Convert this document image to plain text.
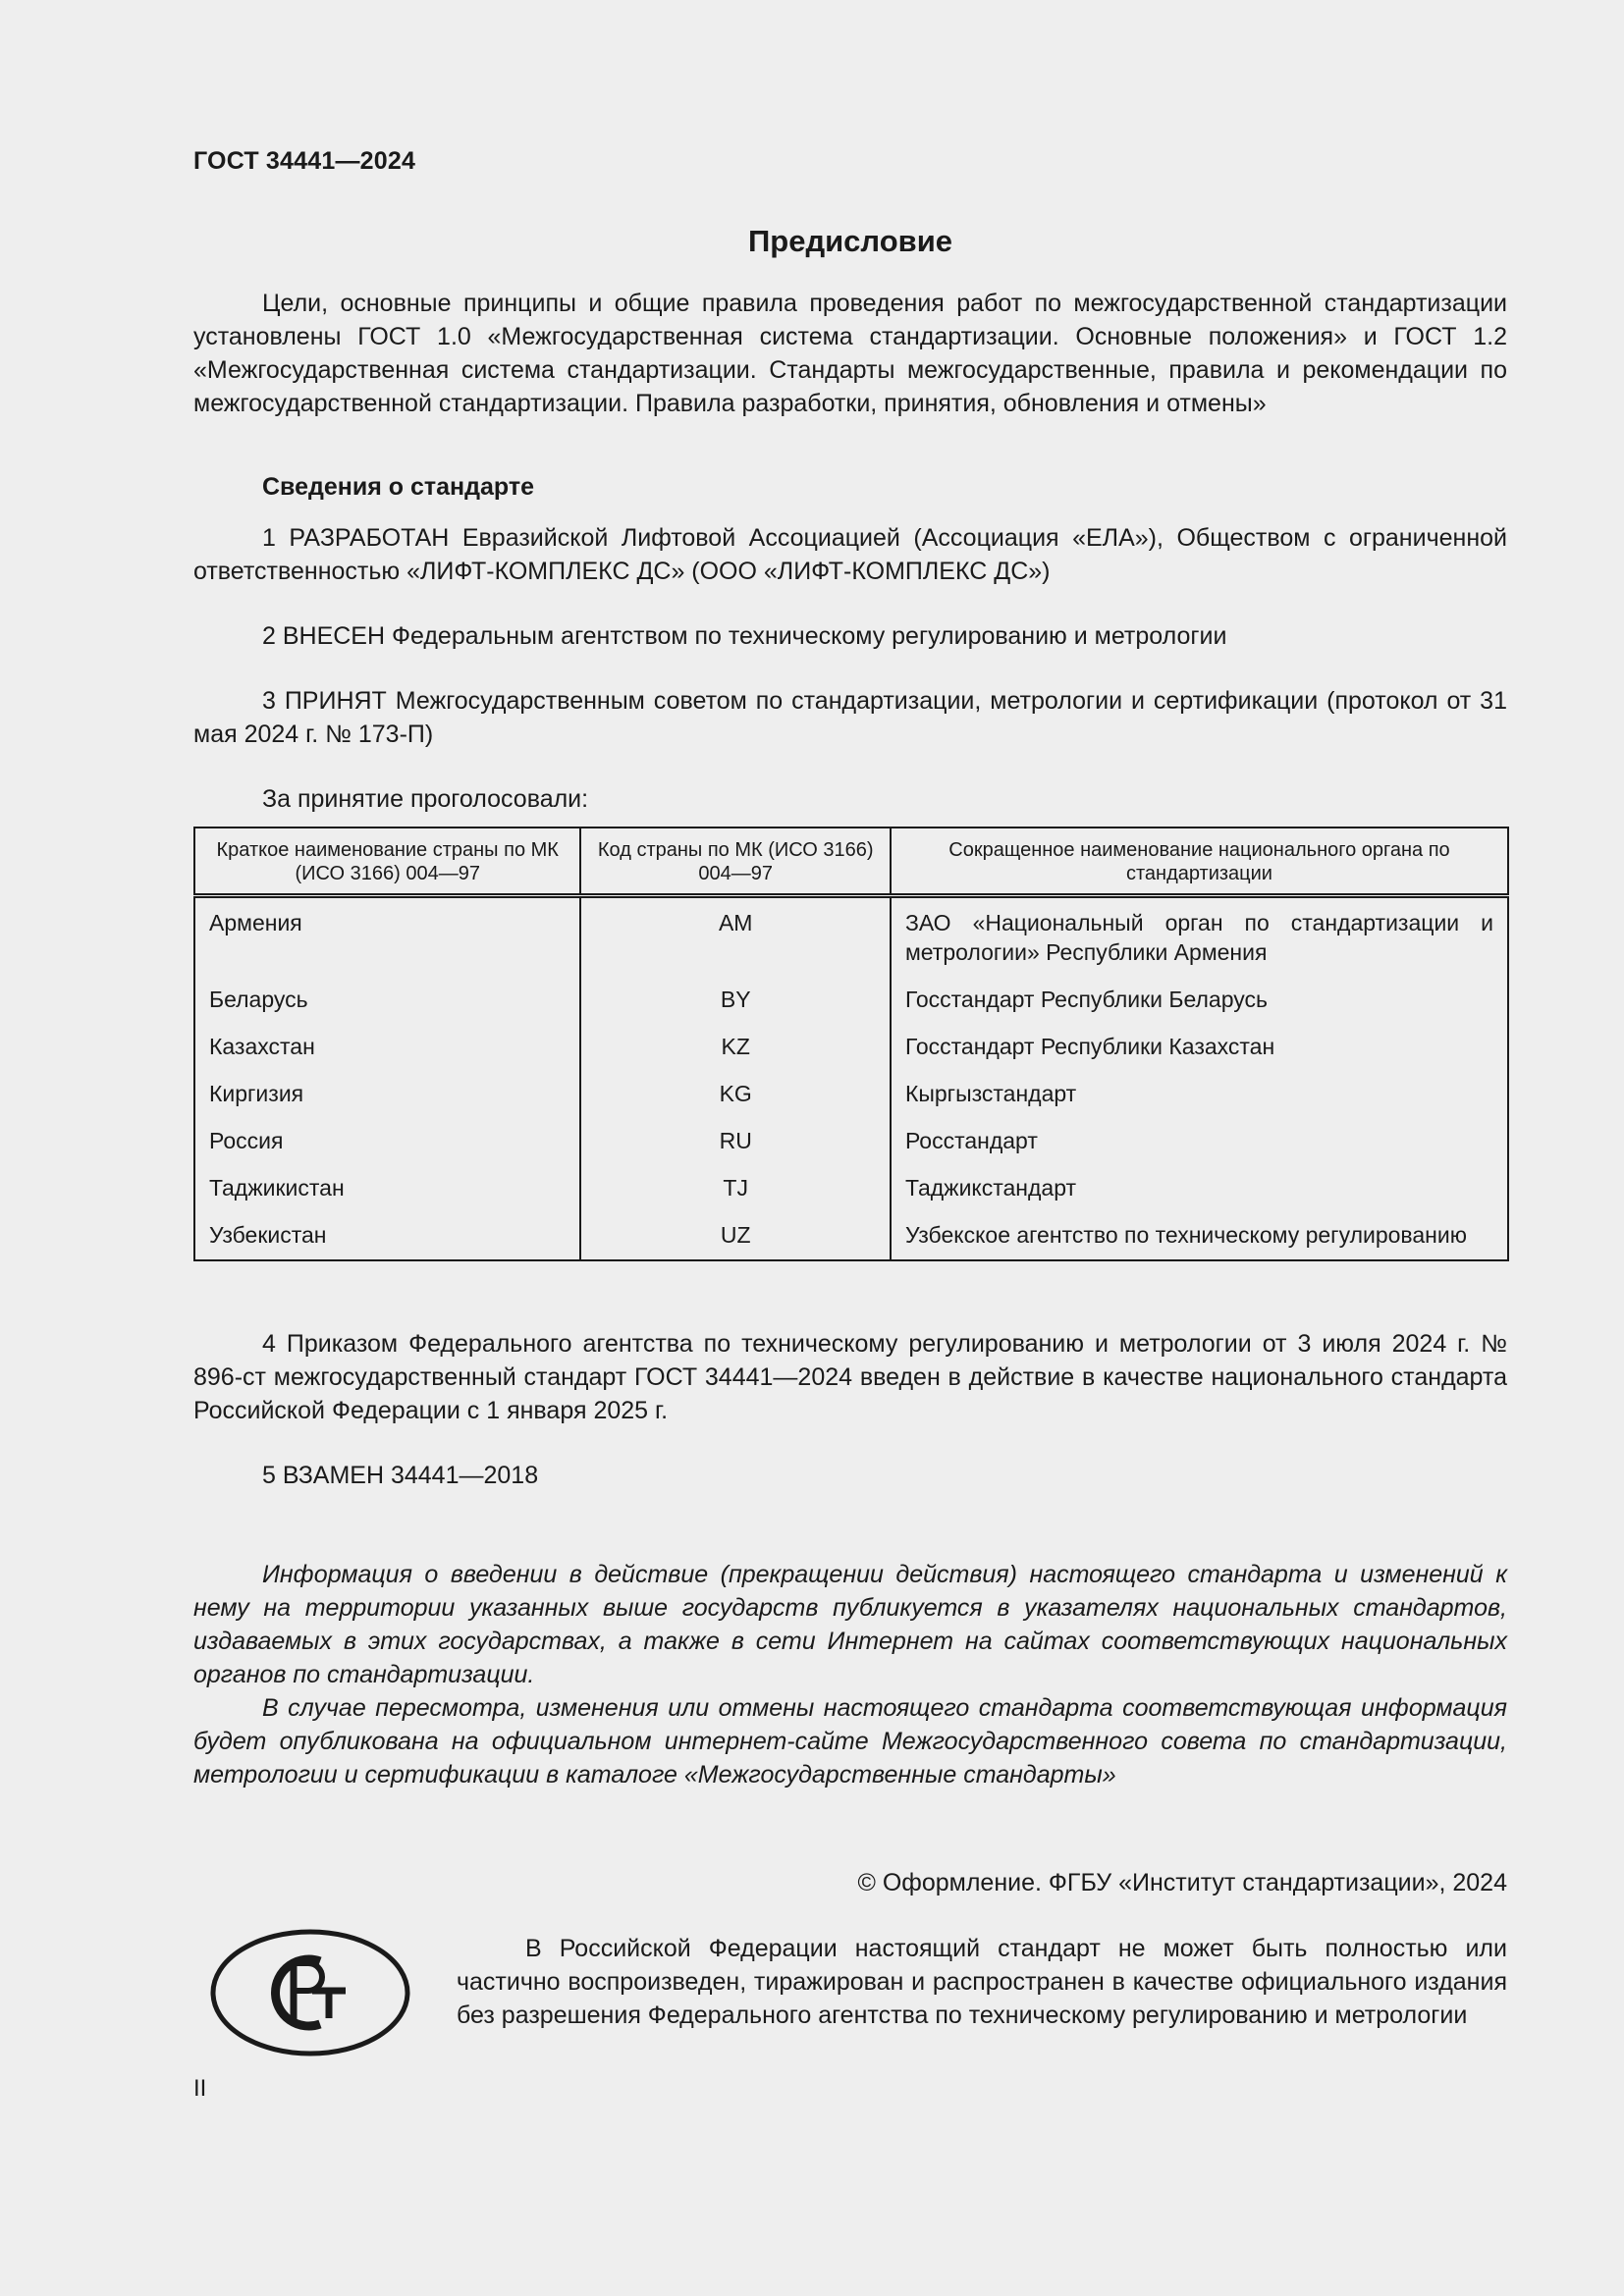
ГОСТ 34441—2024
Предисловие

Цели, основные принципы и общие правила проведения работ по межгосударственной стандартизации установлены ГОСТ 1.0 «Межгосударственная система стандартизации. Основные положения» и ГОСТ 1.2 «Межгосударственная система стандартизации. Стандарты межгосударственные, правила и рекомендации по межгосударственной стандартизации. Правила разработки, принятия, обновления и отмены»

Сведения о стандарте

1 РАЗРАБОТАН Евразийской Лифтовой Ассоциацией (Ассоциация «ЕЛА»), Обществом с ограниченной ответственностью «ЛИФТ-КОМПЛЕКС ДС» (ООО «ЛИФТ-КОМПЛЕКС ДС»)

2 ВНЕСЕН Федеральным агентством по техническому регулированию и метрологии

3 ПРИНЯТ Межгосударственным советом по стандартизации, метрологии и сертификации (протокол от 31 мая 2024 г. № 173-П)

За принятие проголосовали:

Краткое наименование страны по МК (ИСО 3166) 004—97	Код страны по МК (ИСО 3166) 004—97	Сокращенное наименование национального органа по стандартизации
Армения	AM	ЗАО «Национальный орган по стандартизации и метрологии» Республики Армения
Беларусь	BY	Госстандарт Республики Беларусь
Казахстан	KZ	Госстандарт Республики Казахстан
Киргизия	KG	Кыргызстандарт
Россия	RU	Росстандарт
Таджикистан	TJ	Таджикстандарт
Узбекистан	UZ	Узбекское агентство по техническому регулированию

4 Приказом Федерального агентства по техническому регулированию и метрологии от 3 июля 2024 г. № 896-ст межгосударственный стандарт ГОСТ 34441—2024 введен в действие в качестве национального стандарта Российской Федерации с 1 января 2025 г.

5 ВЗАМЕН 34441—2018

Информация о введении в действие (прекращении действия) настоящего стандарта и изменений к нему на территории указанных выше государств публикуется в указателях национальных стандартов, издаваемых в этих государствах, а также в сети Интернет на сайтах соответствующих национальных органов по стандартизации.

В случае пересмотра, изменения или отмены настоящего стандарта соответствующая информация будет опубликована на официальном интернет-сайте Межгосударственного совета по стандартизации, метрологии и сертификации в каталоге «Межгосударственные стандарты»

© Оформление. ФГБУ «Институт стандартизации», 2024

В Российской Федерации настоящий стандарт не может быть полностью или частично воспроизведен, тиражирован и распространен в качестве официального издания без разрешения Федерального агентства по техническому регулированию и метрологии

II
